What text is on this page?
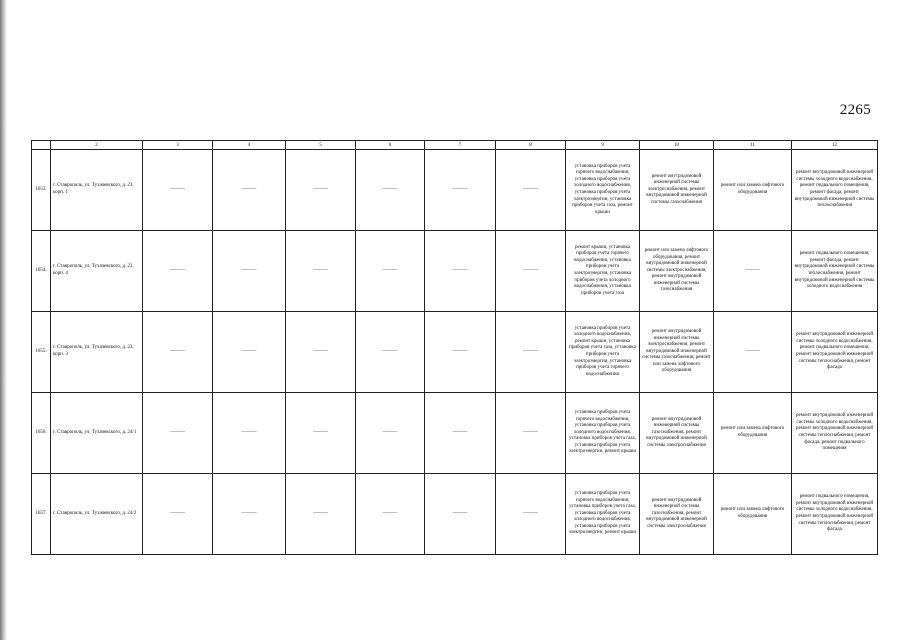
2265
	2	3	4	5	6	7	8	9	10	11	12
1653.	г. Ставрополь, ул. Тухачевского, д. 23, корп. 1	———	———	———	———	———	———	установка приборов учета горячего водоснабжения, установка приборов учета холодного водоснабжения, установка приборов учета электроэнергии, установка приборов учета газа, ремонт крыши	ремонт внутридомовой инженерной системы электроснабжения, ремонт внутридомовой инженерной системы газоснабжения	ремонт или замена лифтового оборудования	ремонт внутридомовой инженерной системы холодного водоснабжения, ремонт подвального помещения, ремонт фасада, ремонт внутридомовой инженерной системы теплоснабжения
1654.	г. Ставрополь, ул. Тухачевского, д. 23, корп. 4	———	———	———	———	———	———	ремонт крыши, установка приборов учета горячего водоснабжения, установка приборов учета электроэнергии, установка приборов учета холодного водоснабжения, установка приборов учета газа	ремонт или замена лифтового оборудования, ремонт внутридомовой инженерной системы электроснабжения, ремонт внутридомовой инженерной системы газоснабжения	———	ремонт подвального помещения, ремонт фасада, ремонт внутридомовой инженерной системы теплоснабжения, ремонт внутридомовой инженерной системы холодного водоснабжения
1655.	г. Ставрополь, ул. Тухачевского, д. 23, корп. 3	———	———	———	———	———	———	установка приборов учета холодного водоснабжения, ремонт крыши, установка приборов учета газа, установка приборов учета электроэнергии, установка приборов учета горячего водоснабжения	ремонт внутридомовой инженерной системы электроснабжения, ремонт внутридомовой инженерной системы газоснабжения, ремонт или замена лифтового оборудования	———	ремонт внутридомовой инженерной системы холодного водоснабжения, ремонт подвального помещения, ремонт внутридомовой инженерной системы теплоснабжения, ремонт фасада
1656.	г. Ставрополь, ул. Тухачевского, д. 24/1	———	———	———	———	———	———	установка приборов учета горячего водоснабжения, установка приборов учета холодного водоснабжения, установка приборов учета газа, установка приборов учета электроэнергии, ремонт крыши	ремонт внутридомовой инженерной системы газоснабжения, ремонт внутридомовой инженерной системы электроснабжения	ремонт или замена лифтового оборудования	ремонт внутридомовой инженерной системы холодного водоснабжения, ремонт внутридомовой инженерной системы теплоснабжения, ремонт фасада, ремонт подвального помещения
1657.	г. Ставрополь, ул. Тухачевского, д. 24/2	———	———	———	———	———	———	установка приборов учета горячего водоснабжения, установка приборов учета газа, установка приборов учета холодного водоснабжения, установка приборов учета электроэнергии, ремонт крыши	ремонт внутридомовой инженерной системы газоснабжения, ремонт внутридомовой инженерной системы электроснабжения	ремонт или замена лифтового оборудования	ремонт подвального помещения, ремонт внутридомовой инженерной системы холодного водоснабжения, ремонт внутридомовой инженерной системы теплоснабжения, ремонт фасада
